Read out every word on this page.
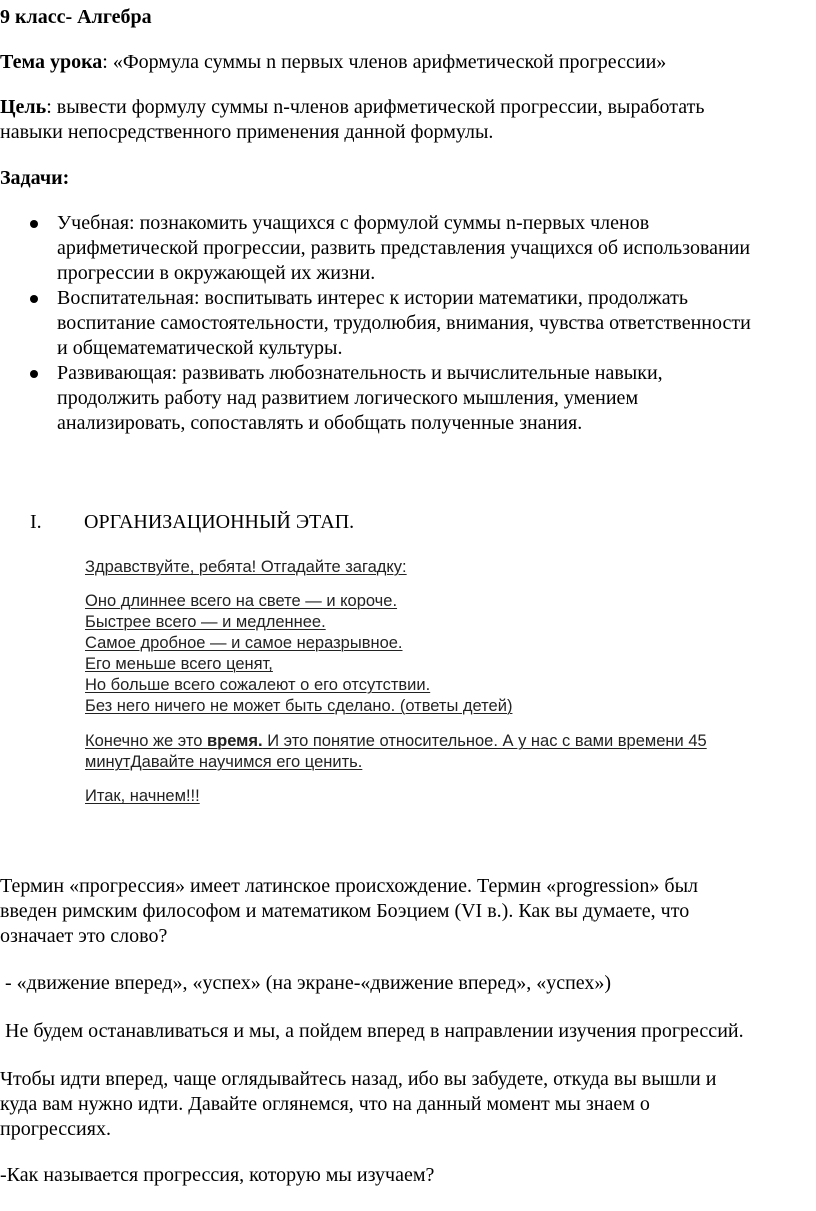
9 класс- Алгебра
Тема урока: «Формула суммы n первых членов арифметической прогрессии»
Цель: вывести формулу суммы n-членов арифметической прогрессии, выработать
навыки непосредственного применения данной формулы.
Задачи:
Учебная: познакомить учащихся с формулой суммы n-первых членов
арифметической прогрессии, развить представления учащихся об использовании
прогрессии в окружающей их жизни.
Воспитательная: воспитывать интерес к истории математики, продолжать
воспитание самостоятельности, трудолюбия, внимания, чувства ответственности
и общематематической культуры.
Развивающая: развивать любознательность и вычислительные навыки,
продолжить работу над развитием логического мышления, умением
анализировать, сопоставлять и обобщать полученные знания.
I. ОРГАНИЗАЦИОННЫЙ ЭТАП.
Здравствуйте, ребята! Отгадайте загадку:
Оно длиннее всего на свете — и короче.
Быстрее всего — и медленнее.
Самое дробное — и самое неразрывное.
Его меньше всего ценят,
Но больше всего сожалеют о его отсутствии.
Без него ничего не может быть сделано. (ответы детей)
Конечно же это время. И это понятие относительное. А у нас с вами времени 45
минутДавайте научимся его ценить.
Итак, начнем!!!
Термин «прогрессия» имеет латинское происхождение. Термин «progression» был
введен римским философом и математиком Боэцием (VI в.). Как вы думаете, что
означает это слово?
- «движение вперед», «успех» (на экране-«движение вперед», «успех»)
Не будем останавливаться и мы, а пойдем вперед в направлении изучения прогрессий.
Чтобы идти вперед, чаще оглядывайтесь назад, ибо вы забудете, откуда вы вышли и
куда вам нужно идти. Давайте оглянемся, что на данный момент мы знаем о
прогрессиях.
-Как называется прогрессия, которую мы изучаем?
